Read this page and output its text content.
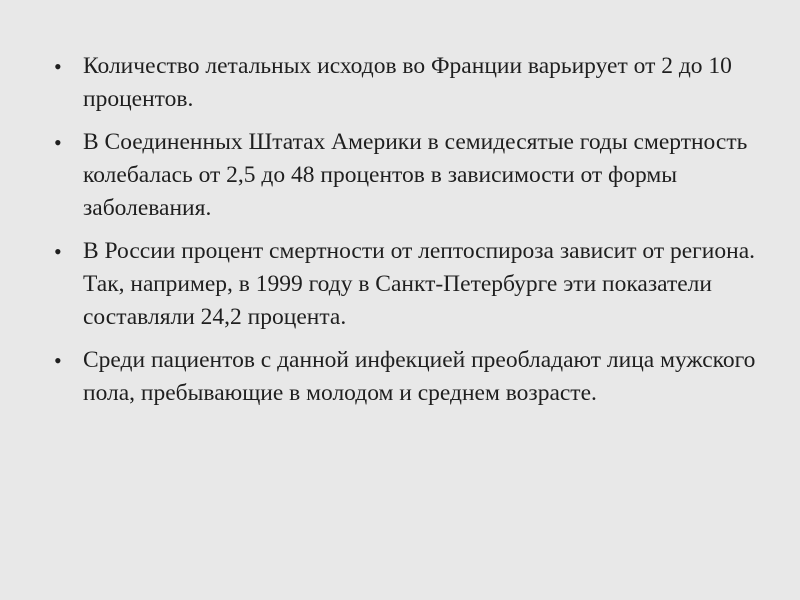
• Количество летальных исходов во Франции варьирует от 2 до 10 процентов.
• В Соединенных Штатах Америки в семидесятые годы смертность колебалась от 2,5 до 48 процентов в зависимости от формы заболевания.
• В России процент смертности от лептоспироза зависит от региона. Так, например, в 1999 году в Санкт-Петербурге эти показатели составляли 24,2 процента.
• Среди пациентов с данной инфекцией преобладают лица мужского пола, пребывающие в молодом и среднем возрасте.
